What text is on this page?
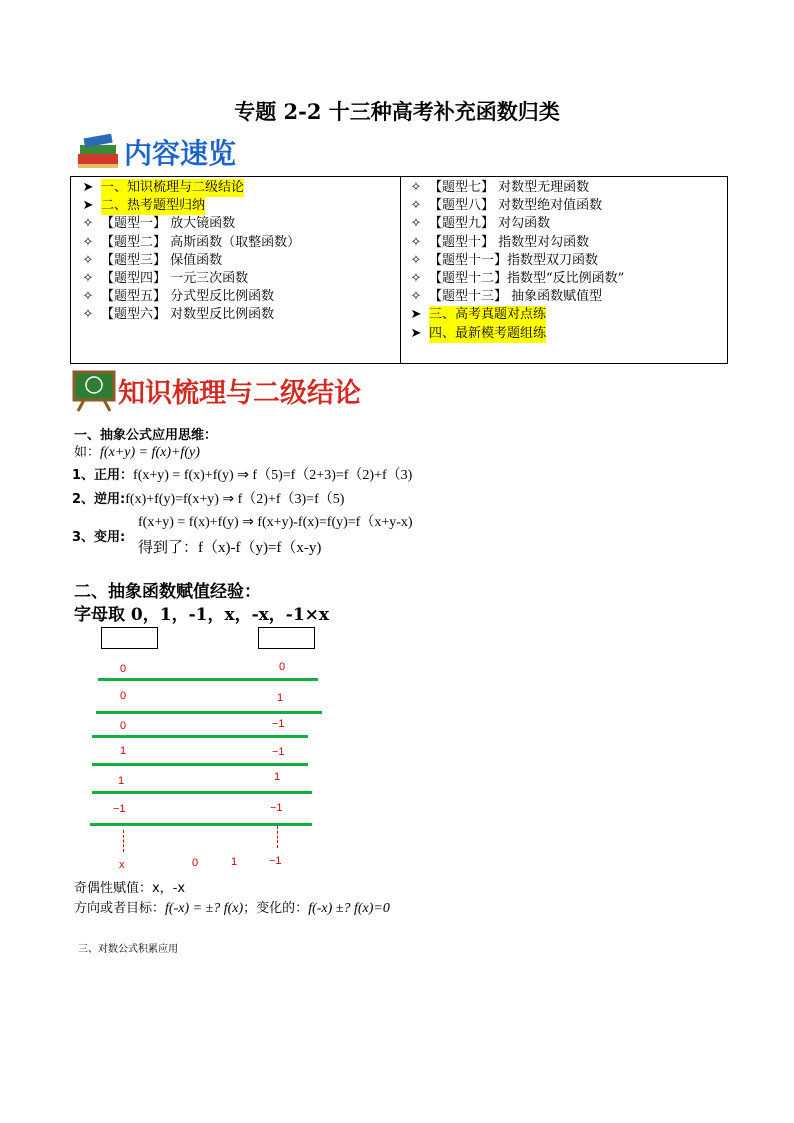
专题 2-2 十三种高考补充函数归类
内容速览
➤ 一、知识梳理与二级结论
➤ 二、热考题型归纳
✧ 【题型一】 放大镜函数
✧ 【题型二】 高斯函数（取整函数）
✧ 【题型三】 保值函数
✧ 【题型四】 一元三次函数
✧ 【题型五】 分式型反比例函数
✧ 【题型六】 对数型反比例函数
✧ 【题型七】 对数型无理函数
✧ 【题型八】 对数型绝对值函数
✧ 【题型九】 对勾函数
✧ 【题型十】 指数型对勾函数
✧ 【题型十一】指数型双刀函数
✧ 【题型十二】指数型“反比例函数”
✧ 【题型十三】 抽象函数赋值型
➤ 三、高考真题对点练
➤ 四、最新模考题组练
知识梳理与二级结论
一、抽象公式应用思维：
如：f(x+y) = f(x)+f(y)
1、正用：f(x+y) = f(x)+f(y) ⇒ f（5)=f（2+3)=f（2)+f（3)
2、逆用:f(x)+f(y)=f(x+y) ⇒ f（2)+f（3)=f（5)
3、变用:
f(x+y) = f(x)+f(y) ⇒ f(x+y)-f(x)=f(y)=f（x+y-x)
得到了：f（x)-f（y)=f（x-y)
二、抽象函数赋值经验：
字母取 0，1，-1，x，-x，-1×x
0	0
0	1
0	−1
1	−1
1	1
−1	−1
x	0	1	−1
奇偶性赋值：x，-x
方向或者目标：f(-x) = ±? f(x)；变化的：f(-x) ±? f(x)=0
三、对数公式积累应用
